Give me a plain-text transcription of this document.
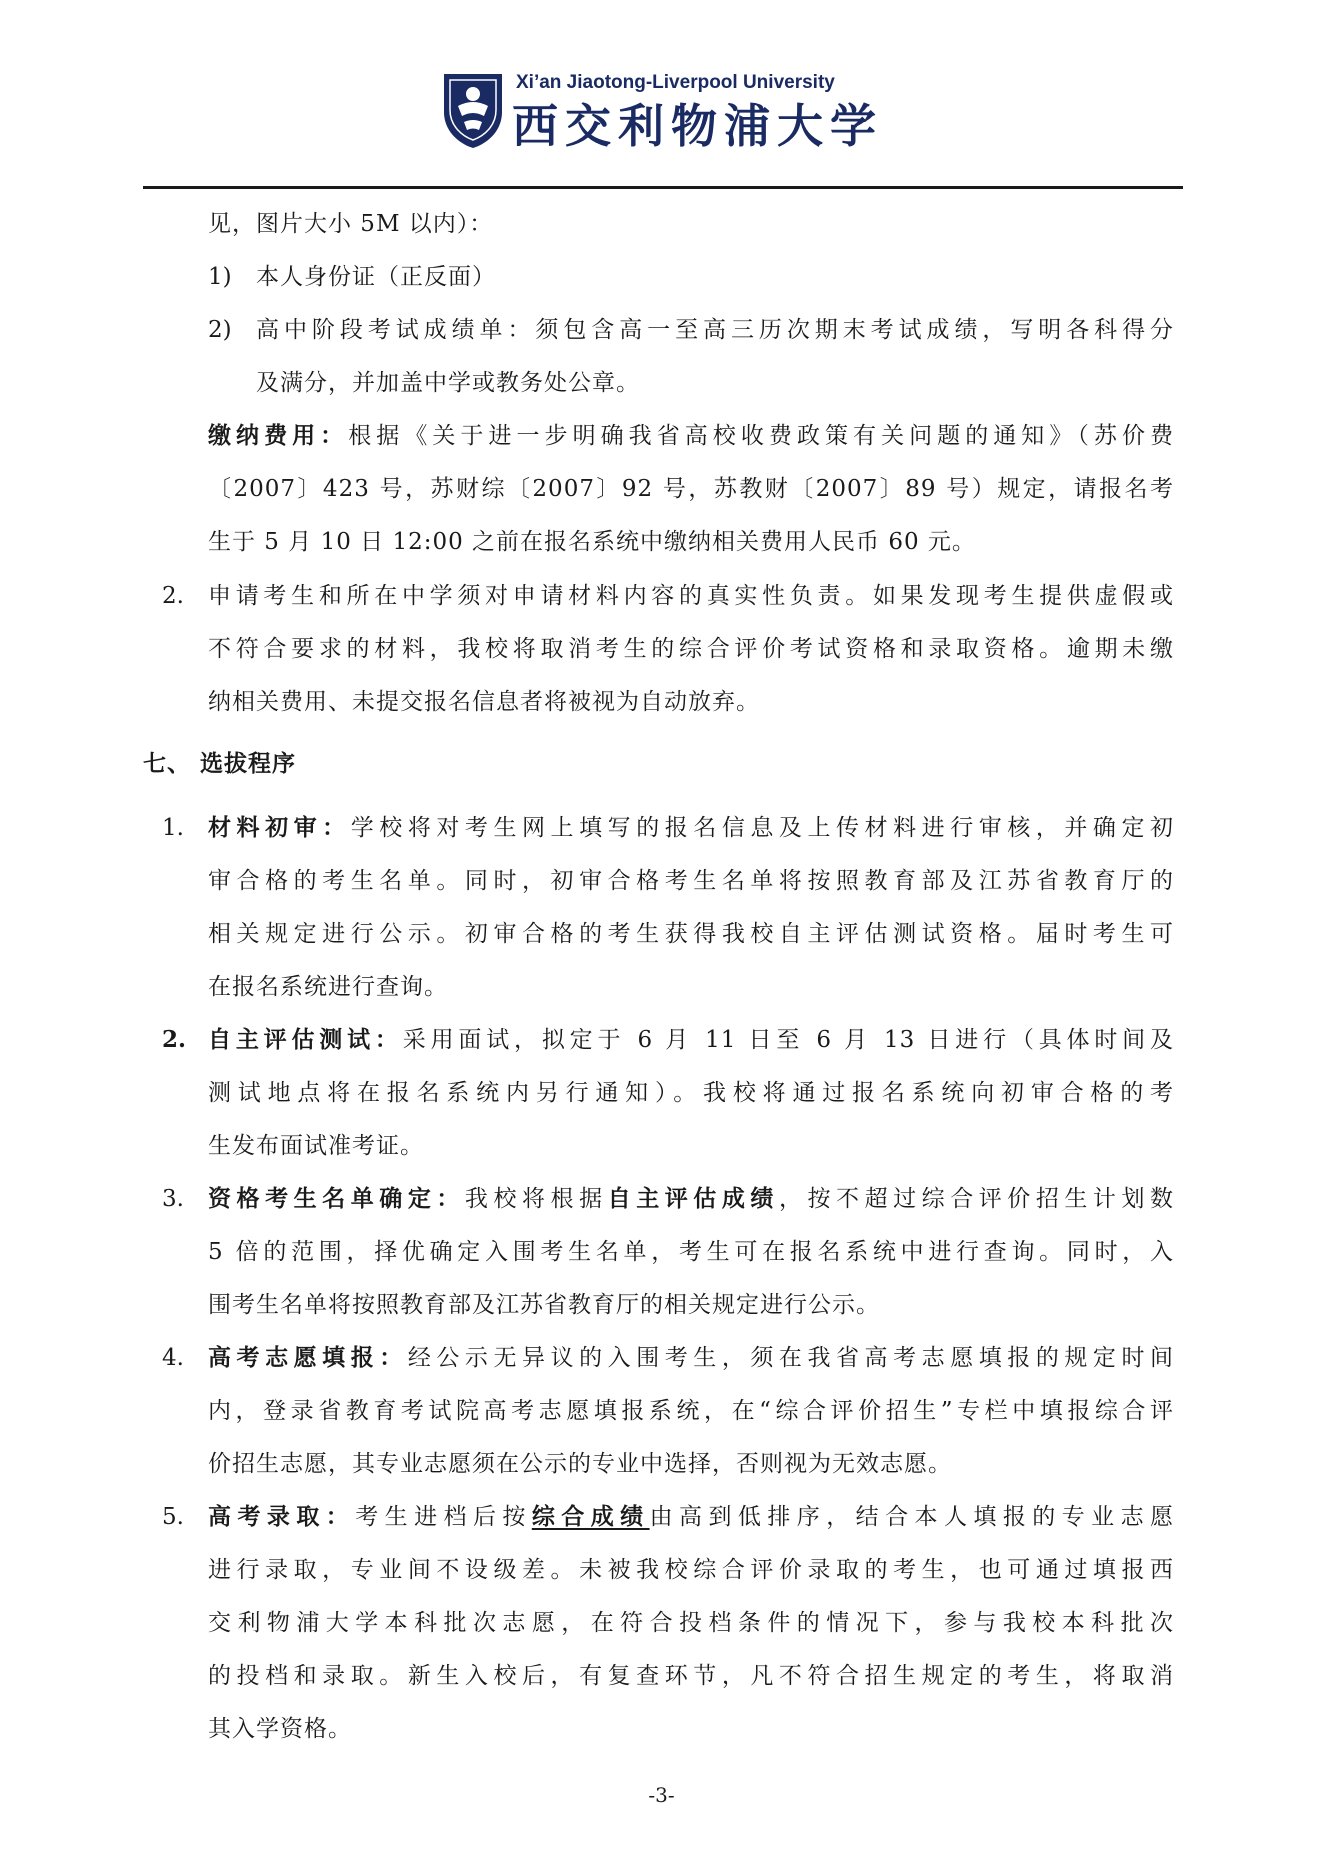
Xi’an Jiaotong-Liverpool University
西交利物浦大学
见，图片大小 5M 以内）：
1) 本人身份证（正反面）
2) 高中阶段考试成绩单：须包含高一至高三历次期末考试成绩，写明各科得分
及满分，并加盖中学或教务处公章。
缴纳费用：根据《关于进一步明确我省高校收费政策有关问题的通知》（苏价费
〔2007〕423 号，苏财综〔2007〕92 号，苏教财〔2007〕89 号）规定，请报名考
生于 5 月 10 日 12:00 之前在报名系统中缴纳相关费用人民币 60 元。
2. 申请考生和所在中学须对申请材料内容的真实性负责。如果发现考生提供虚假或
不符合要求的材料，我校将取消考生的综合评价考试资格和录取资格。逾期未缴
纳相关费用、未提交报名信息者将被视为自动放弃。
七、 选拔程序
1. 材料初审：学校将对考生网上填写的报名信息及上传材料进行审核，并确定初
审合格的考生名单。同时，初审合格考生名单将按照教育部及江苏省教育厅的
相关规定进行公示。初审合格的考生获得我校自主评估测试资格。届时考生可
在报名系统进行查询。
2. 自主评估测试：采用面试，拟定于 6 月 11 日至 6 月 13 日进行（具体时间及
测试地点将在报名系统内另行通知）。我校将通过报名系统向初审合格的考
生发布面试准考证。
3. 资格考生名单确定：我校将根据自主评估成绩，按不超过综合评价招生计划数
5 倍的范围，择优确定入围考生名单，考生可在报名系统中进行查询。同时，入
围考生名单将按照教育部及江苏省教育厅的相关规定进行公示。
4. 高考志愿填报：经公示无异议的入围考生，须在我省高考志愿填报的规定时间
内，登录省教育考试院高考志愿填报系统，在“综合评价招生”专栏中填报综合评
价招生志愿，其专业志愿须在公示的专业中选择，否则视为无效志愿。
5. 高考录取：考生进档后按综合成绩由高到低排序，结合本人填报的专业志愿
进行录取，专业间不设级差。未被我校综合评价录取的考生，也可通过填报西
交利物浦大学本科批次志愿，在符合投档条件的情况下，参与我校本科批次
的投档和录取。新生入校后，有复查环节，凡不符合招生规定的考生，将取消
其入学资格。
-3-
